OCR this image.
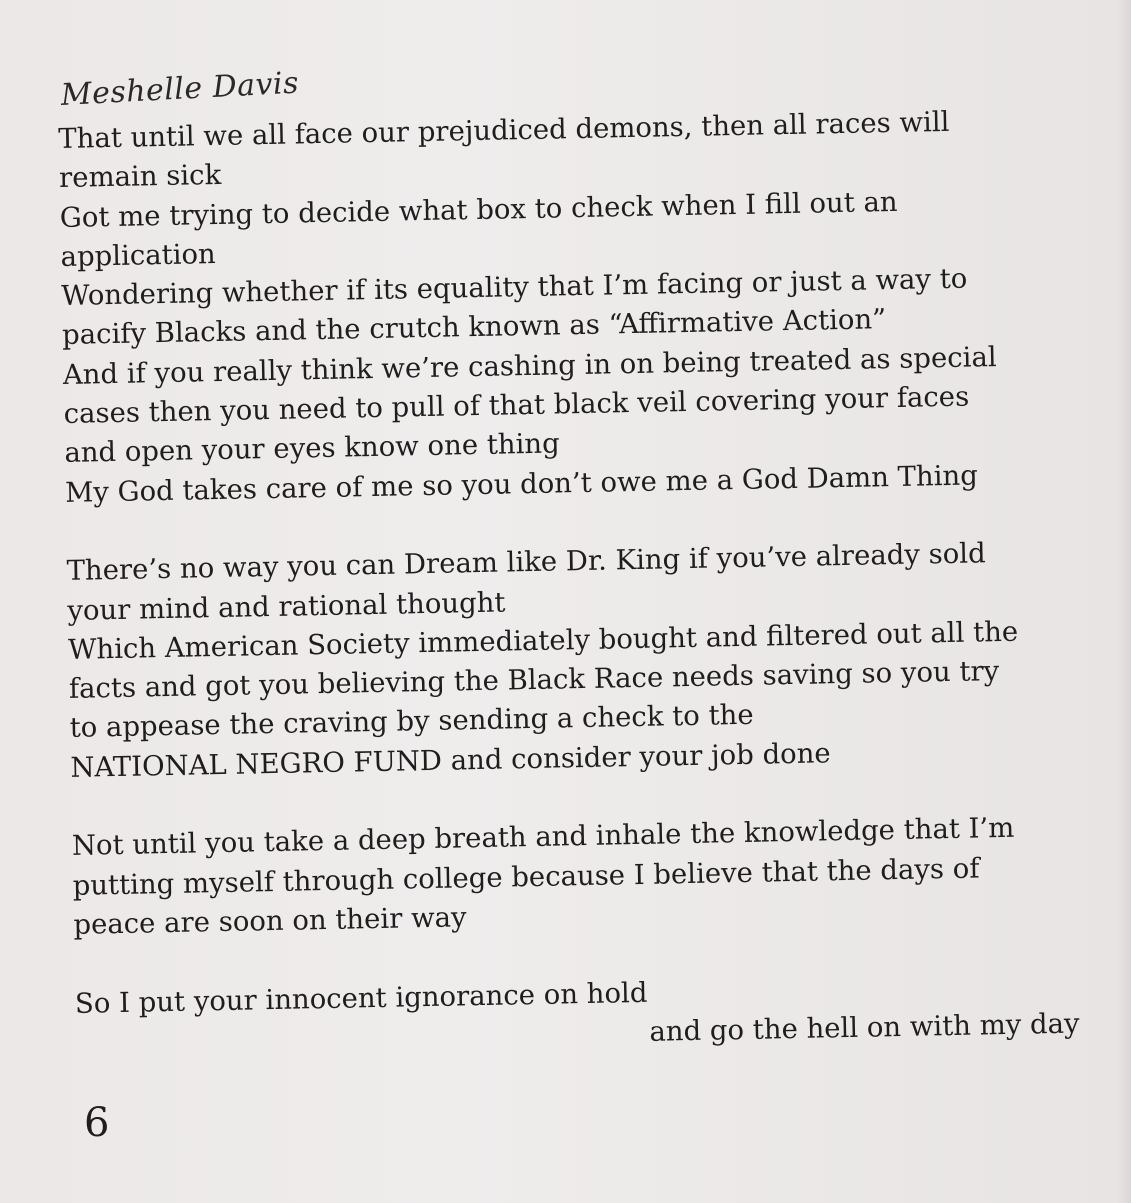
Meshelle Davis
That until we all face our prejudiced demons, then all races will
remain sick
Got me trying to decide what box to check when I fill out an
application
Wondering whether if its equality that I’m facing or just a way to
pacify Blacks and the crutch known as “Affirmative Action”
And if you really think we’re cashing in on being treated as special
cases then you need to pull of that black veil covering your faces
and open your eyes know one thing
My God takes care of me so you don’t owe me a God Damn Thing
There’s no way you can Dream like Dr. King if you’ve already sold
your mind and rational thought
Which American Society immediately bought and filtered out all the
facts and got you believing the Black Race needs saving so you try
to appease the craving by sending a check to the
NATIONAL NEGRO FUND and consider your job done
Not until you take a deep breath and inhale the knowledge that I’m
putting myself through college because I believe that the days of
peace are soon on their way
So I put your innocent ignorance on hold
and go the hell on with my day
6
